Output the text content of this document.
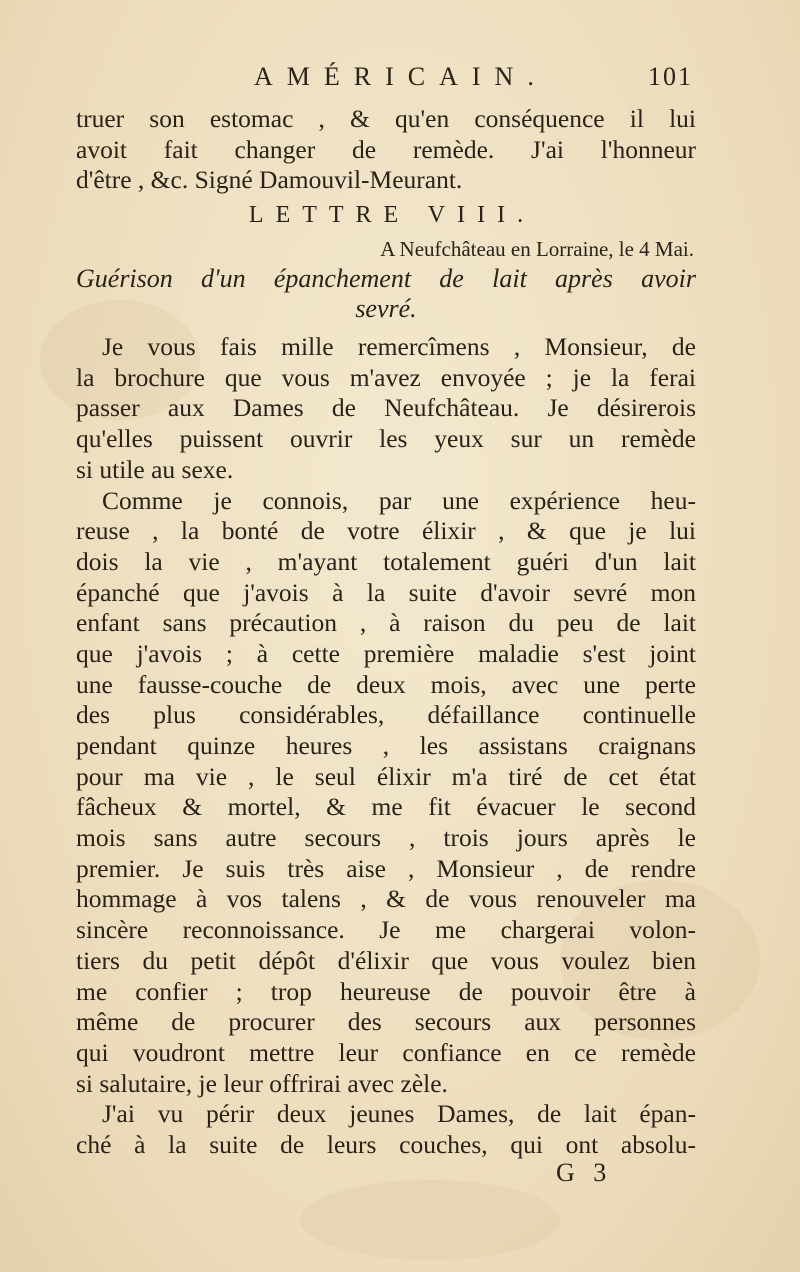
AMÉRICAIN.	101
truer son estomac , & qu'en conséquence il lui
avoit fait changer de remède. J'ai l'honneur
d'être , &c. Signé Damouvil-Meurant.
LETTRE VIII.
A Neufchâteau en Lorraine, le 4 Mai.
Guérison d'un épanchement de lait après avoir
sevré.
Je vous fais mille remercîmens , Monsieur, de
la brochure que vous m'avez envoyée ; je la ferai
passer aux Dames de Neufchâteau. Je désirerois
qu'elles puissent ouvrir les yeux sur un remède
si utile au sexe.
Comme je connois, par une expérience heu-
reuse , la bonté de votre élixir , & que je lui
dois la vie , m'ayant totalement guéri d'un lait
épanché que j'avois à la suite d'avoir sevré mon
enfant sans précaution , à raison du peu de lait
que j'avois ; à cette première maladie s'est joint
une fausse-couche de deux mois, avec une perte
des plus considérables, défaillance continuelle
pendant quinze heures , les assistans craignans
pour ma vie , le seul élixir m'a tiré de cet état
fâcheux & mortel, & me fit évacuer le second
mois sans autre secours , trois jours après le
premier. Je suis très aise , Monsieur , de rendre
hommage à vos talens , & de vous renouveler ma
sincère reconnoissance. Je me chargerai volon-
tiers du petit dépôt d'élixir que vous voulez bien
me confier ; trop heureuse de pouvoir être à
même de procurer des secours aux personnes
qui voudront mettre leur confiance en ce remède
si salutaire, je leur offrirai avec zèle.
J'ai vu périr deux jeunes Dames, de lait épan-
ché à la suite de leurs couches, qui ont absolu-
G 3
